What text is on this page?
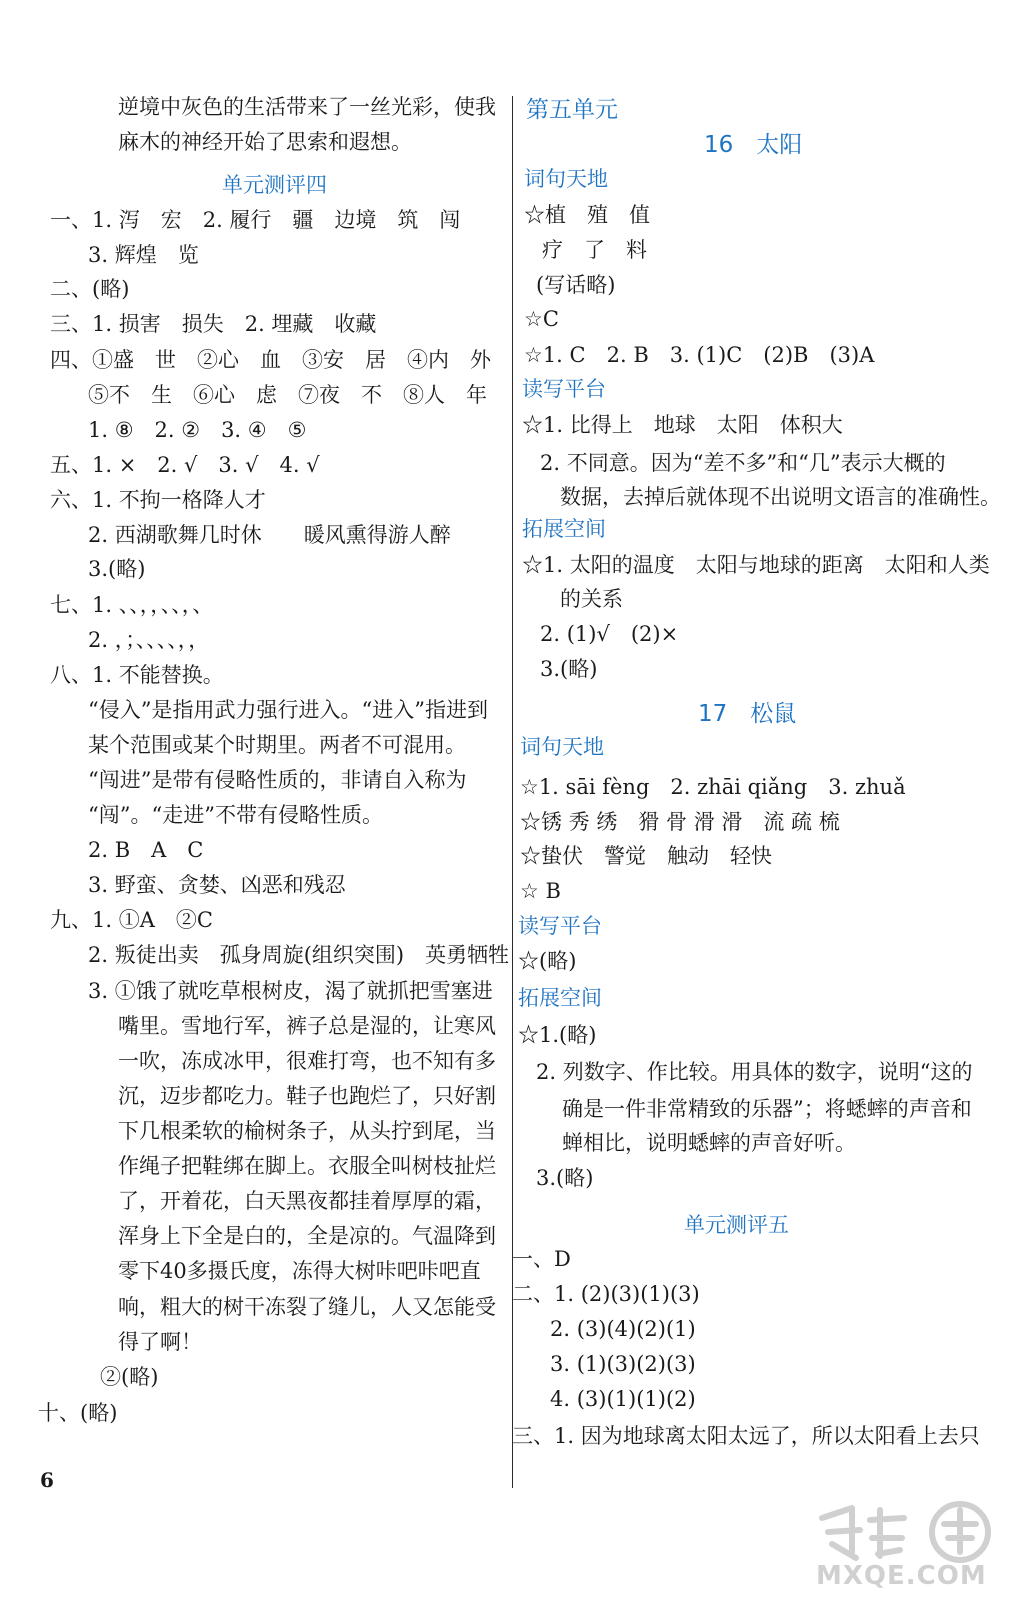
逆境中灰色的生活带来了一丝光彩，使我
麻木的神经开始了思索和遐想。
单元测评四
一、1. 泻　宏　2. 履行　疆　边境　筑　闯
3. 辉煌　览
二、(略)
三、1. 损害　损失　2. 埋藏　收藏
四、①盛　世　②心　血　③安　居　④内　外
⑤不　生　⑥心　虑　⑦夜　不　⑧人　年
1. ⑧　2. ②　3. ④　⑤
五、1. ×　2. √　3. √　4. √
六、1. 不拘一格降人才
2. 西湖歌舞几时休　　暖风熏得游人醉
3.(略)
七、1. 、、，，、、，、
2. ，；、、、、，，
八、1. 不能替换。
“侵入”是指用武力强行进入。“进入”指进到
某个范围或某个时期里。两者不可混用。
“闯进”是带有侵略性质的，非请自入称为
“闯”。“走进”不带有侵略性质。
2. B　A　C
3. 野蛮、贪婪、凶恶和残忍
九、1. ①A　②C
2. 叛徒出卖　孤身周旋(组织突围)　英勇牺牲
3. ①饿了就吃草根树皮，渴了就抓把雪塞进
嘴里。雪地行军，裤子总是湿的，让寒风
一吹，冻成冰甲，很难打弯，也不知有多
沉，迈步都吃力。鞋子也跑烂了，只好割
下几根柔软的榆树条子，从头拧到尾，当
作绳子把鞋绑在脚上。衣服全叫树枝扯烂
了，开着花，白天黑夜都挂着厚厚的霜，
浑身上下全是白的，全是凉的。气温降到
零下40多摄氏度，冻得大树咔吧咔吧直
响，粗大的树干冻裂了缝儿，人又怎能受
得了啊！
②(略)
十、(略)
第五单元
16　太阳
词句天地
☆植　殖　值
疗　了　料
(写话略)
☆C
☆1. C　2. B　3. (1)C　(2)B　(3)A
读写平台
☆1. 比得上　地球　太阳　体积大
2. 不同意。因为“差不多”和“几”表示大概的
数据，去掉后就体现不出说明文语言的准确性。
拓展空间
☆1. 太阳的温度　太阳与地球的距离　太阳和人类
的关系
2. (1)√　(2)×
3.(略)
17　松鼠
词句天地
☆1. sāi fèng　2. zhāi qiǎng　3. zhuǎ
☆锈 秀 绣　猾 骨 滑 滑　流 疏 梳
☆蛰伏　警觉　触动　轻快
☆ B
读写平台
☆(略)
拓展空间
☆1.(略)
2. 列数字、作比较。用具体的数字，说明“这的
确是一件非常精致的乐器”；将蟋蟀的声音和
蝉相比，说明蟋蟀的声音好听。
3.(略)
单元测评五
一、D
二、1. (2)(3)(1)(3)
2. (3)(4)(2)(1)
3. (1)(3)(2)(3)
4. (3)(1)(1)(2)
三、1. 因为地球离太阳太远了，所以太阳看上去只
6
MXQE.COM
